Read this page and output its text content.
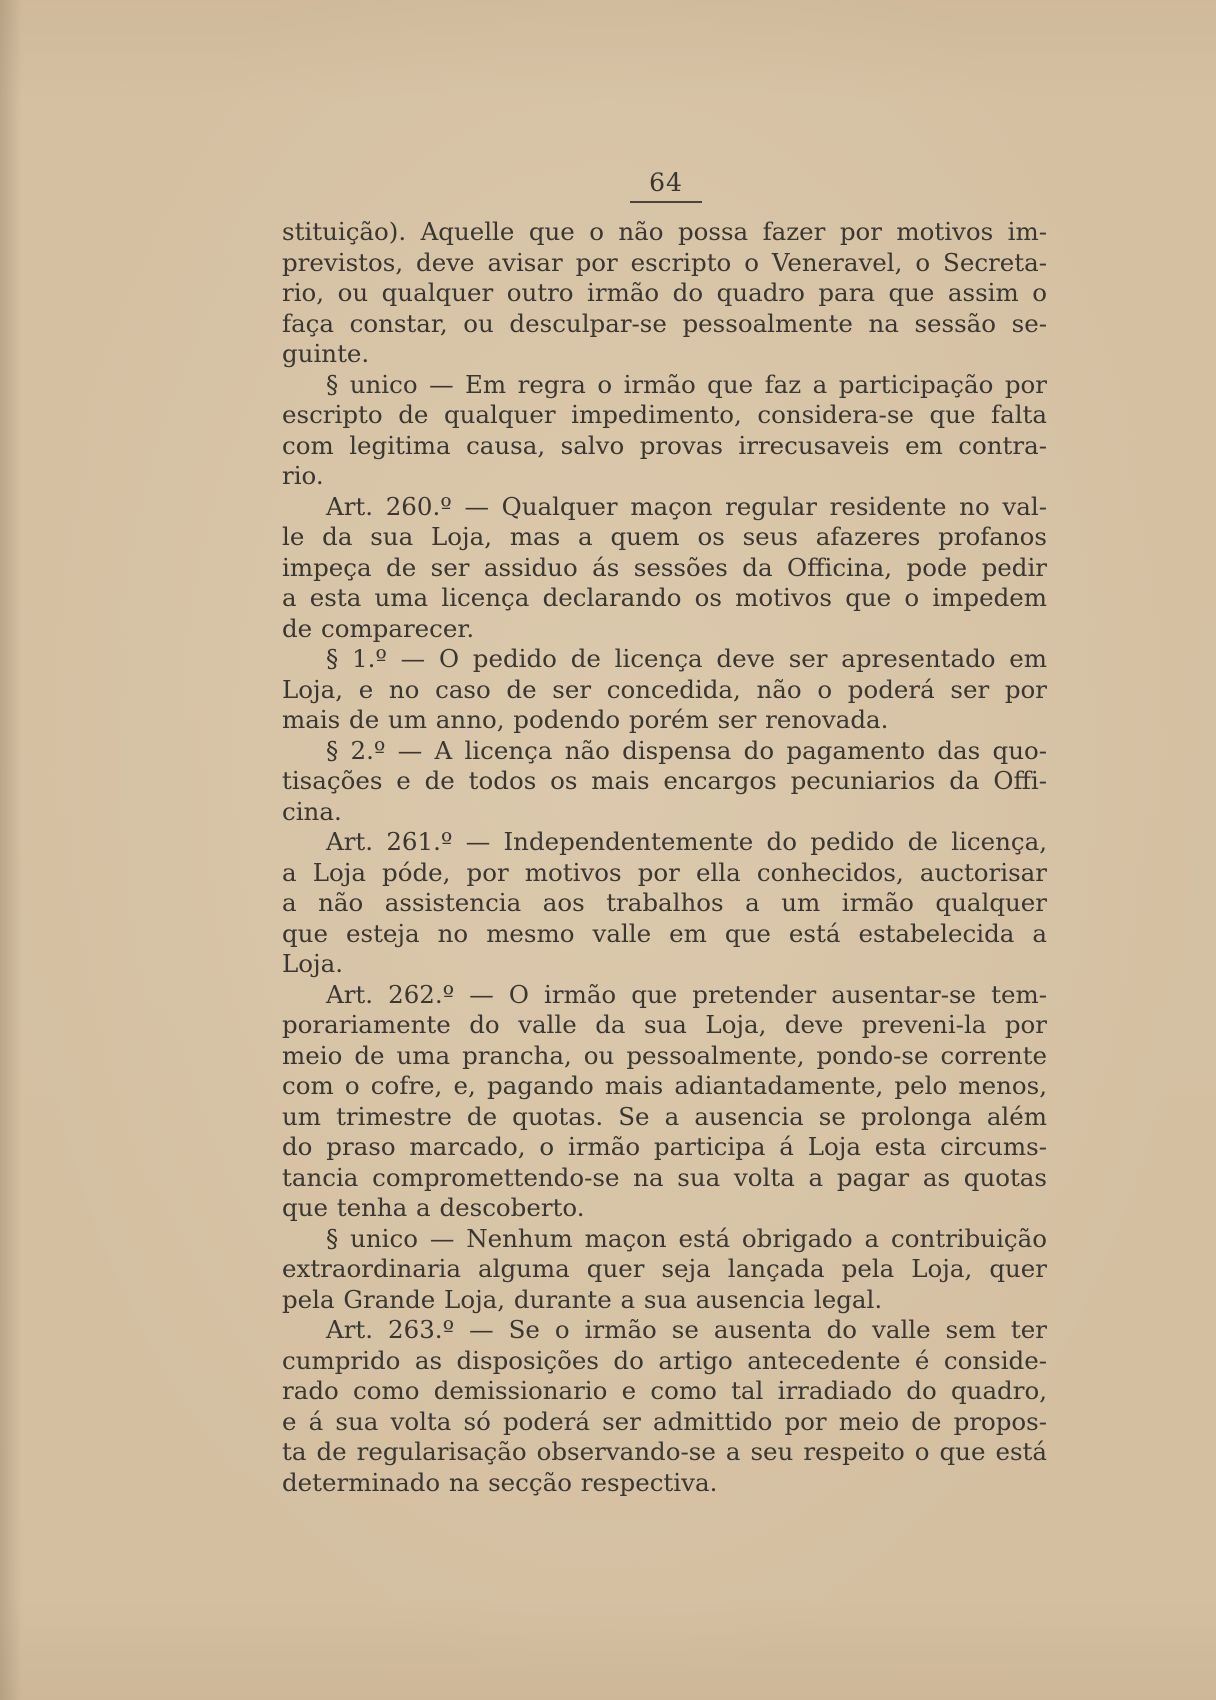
64
stituição). Aquelle que o não possa fazer por motivos im-
previstos, deve avisar por escripto o Veneravel, o Secreta-
rio, ou qualquer outro irmão do quadro para que assim o
faça constar, ou desculpar-se pessoalmente na sessão se-
guinte.
§ unico — Em regra o irmão que faz a participação por
escripto de qualquer impedimento, considera-se que falta
com legitima causa, salvo provas irrecusaveis em contra-
rio.
Art. 260.º — Qualquer maçon regular residente no val-
le da sua Loja, mas a quem os seus afazeres profanos
impeça de ser assiduo ás sessões da Officina, pode pedir
a esta uma licença declarando os motivos que o impedem
de comparecer.
§ 1.º — O pedido de licença deve ser apresentado em
Loja, e no caso de ser concedida, não o poderá ser por
mais de um anno, podendo porém ser renovada.
§ 2.º — A licença não dispensa do pagamento das quo-
tisações e de todos os mais encargos pecuniarios da Offi-
cina.
Art. 261.º — Independentemente do pedido de licença,
a Loja póde, por motivos por ella conhecidos, auctorisar
a não assistencia aos trabalhos a um irmão qualquer
que esteja no mesmo valle em que está estabelecida a
Loja.
Art. 262.º — O irmão que pretender ausentar-se tem-
porariamente do valle da sua Loja, deve preveni-la por
meio de uma prancha, ou pessoalmente, pondo-se corrente
com o cofre, e, pagando mais adiantadamente, pelo menos,
um trimestre de quotas. Se a ausencia se prolonga além
do praso marcado, o irmão participa á Loja esta circums-
tancia compromettendo-se na sua volta a pagar as quotas
que tenha a descoberto.
§ unico — Nenhum maçon está obrigado a contribuição
extraordinaria alguma quer seja lançada pela Loja, quer
pela Grande Loja, durante a sua ausencia legal.
Art. 263.º — Se o irmão se ausenta do valle sem ter
cumprido as disposições do artigo antecedente é conside-
rado como demissionario e como tal irradiado do quadro,
e á sua volta só poderá ser admittido por meio de propos-
ta de regularisação observando-se a seu respeito o que está
determinado na secção respectiva.
